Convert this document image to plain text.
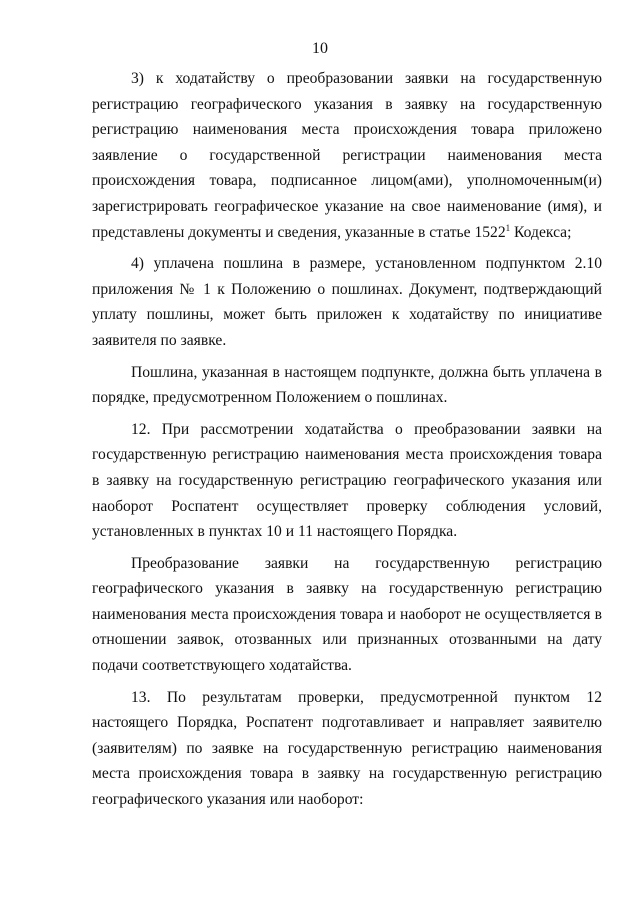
10

3) к ходатайству о преобразовании заявки на государственную регистрацию географического указания в заявку на государственную регистрацию наименования места происхождения товара приложено заявление о государственной регистрации наименования места происхождения товара, подписанное лицом(ами), уполномоченным(и) зарегистрировать географическое указание на свое наименование (имя), и представлены документы и сведения, указанные в статье 1522$^1$ Кодекса;

4) уплачена пошлина в размере, установленном подпунктом 2.10 приложения № 1 к Положению о пошлинах. Документ, подтверждающий уплату пошлины, может быть приложен к ходатайству по инициативе заявителя по заявке.

Пошлина, указанная в настоящем подпункте, должна быть уплачена в порядке, предусмотренном Положением о пошлинах.

12. При рассмотрении ходатайства о преобразовании заявки на государственную регистрацию наименования места происхождения товара в заявку на государственную регистрацию географического указания или наоборот Роспатент осуществляет проверку соблюдения условий, установленных в пунктах 10 и 11 настоящего Порядка.

Преобразование заявки на государственную регистрацию географического указания в заявку на государственную регистрацию наименования места происхождения товара и наоборот не осуществляется в отношении заявок, отозванных или признанных отозванными на дату подачи соответствующего ходатайства.

13. По результатам проверки, предусмотренной пунктом 12 настоящего Порядка, Роспатент подготавливает и направляет заявителю (заявителям) по заявке на государственную регистрацию наименования места происхождения товара в заявку на государственную регистрацию географического указания или наоборот:
